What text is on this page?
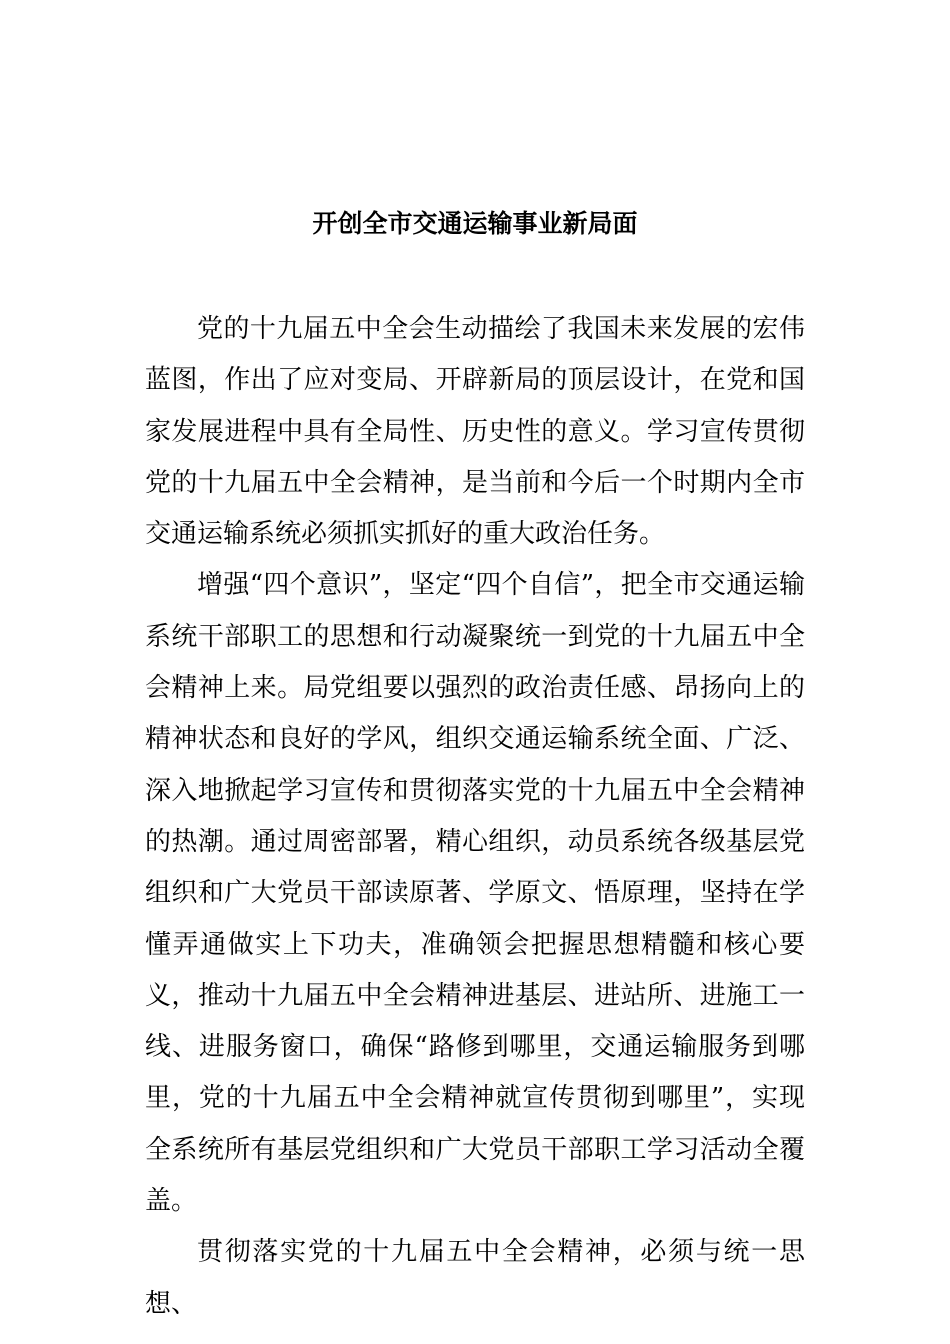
开创全市交通运输事业新局面

党的十九届五中全会生动描绘了我国未来发展的宏伟蓝图，作出了应对变局、开辟新局的顶层设计，在党和国家发展进程中具有全局性、历史性的意义。学习宣传贯彻党的十九届五中全会精神，是当前和今后一个时期内全市交通运输系统必须抓实抓好的重大政治任务。

增强“四个意识”，坚定“四个自信”，把全市交通运输系统干部职工的思想和行动凝聚统一到党的十九届五中全会精神上来。局党组要以强烈的政治责任感、昂扬向上的精神状态和良好的学风，组织交通运输系统全面、广泛、深入地掀起学习宣传和贯彻落实党的十九届五中全会精神的热潮。通过周密部署，精心组织，动员系统各级基层党组织和广大党员干部读原著、学原文、悟原理，坚持在学懂弄通做实上下功夫，准确领会把握思想精髓和核心要义，推动十九届五中全会精神进基层、进站所、进施工一线、进服务窗口，确保“路修到哪里，交通运输服务到哪里，党的十九届五中全会精神就宣传贯彻到哪里”，实现全系统所有基层党组织和广大党员干部职工学习活动全覆盖。

贯彻落实党的十九届五中全会精神，必须与统一思想、
